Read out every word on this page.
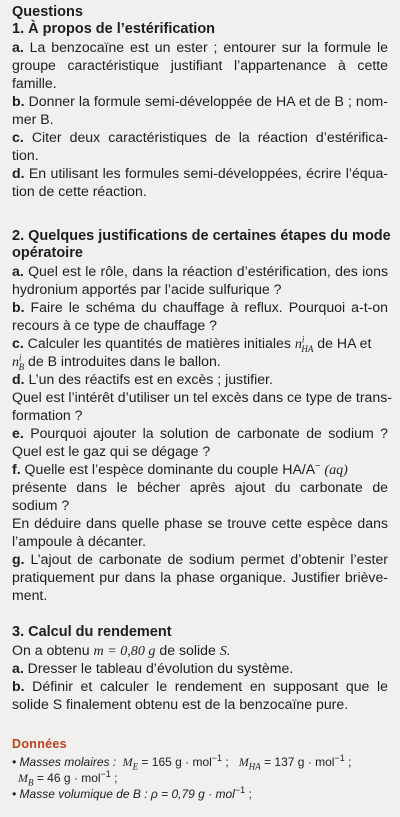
Questions
1. À propos de l’estérification
a. La benzocaïne est un ester ; entourer sur la formule le
groupe caractéristique justifiant l’appartenance à cette
famille.
b. Donner la formule semi-développée de HA et de B ; nom-
mer B.
c. Citer deux caractéristiques de la réaction d’estérifica-
tion.
d. En utilisant les formules semi-développées, écrire l’équa-
tion de cette réaction.
2. Quelques justifications de certaines étapes du mode
opératoire
a. Quel est le rôle, dans la réaction d’estérification, des ions
hydronium apportés par l’acide sulfurique ?
b. Faire le schéma du chauffage à reflux. Pourquoi a-t-on
recours à ce type de chauffage ?
c. Calculer les quantités de matières initiales $n^i_{HA}$ de HA et
$n^i_B$ de B introduites dans le ballon.
d. L’un des réactifs est en excès ; justifier.
Quel est l’intérêt d’utiliser un tel excès dans ce type de trans-
formation ?
e. Pourquoi ajouter la solution de carbonate de sodium ?
Quel est le gaz qui se dégage ?
f. Quelle est l’espèce dominante du couple HA/A− (aq)
présente dans le bécher après ajout du carbonate de
sodium ?
En déduire dans quelle phase se trouve cette espèce dans
l’ampoule à décanter.
g. L’ajout de carbonate de sodium permet d’obtenir l’ester
pratiquement pur dans la phase organique. Justifier briève-
ment.
3. Calcul du rendement
On a obtenu m = 0,80 g de solide S.
a. Dresser le tableau d’évolution du système.
b. Définir et calculer le rendement en supposant que le
solide S finalement obtenu est de la benzocaïne pure.
Données
• Masses molaires : $M_E = 165$ g · mol$^{-1}$ ; $M_{HA} = 137$ g · mol$^{-1}$ ;
$M_B = 46$ g · mol$^{-1}$ ;
• Masse volumique de B : ρ = 0,79 g · mol$^{-1}$ ;
